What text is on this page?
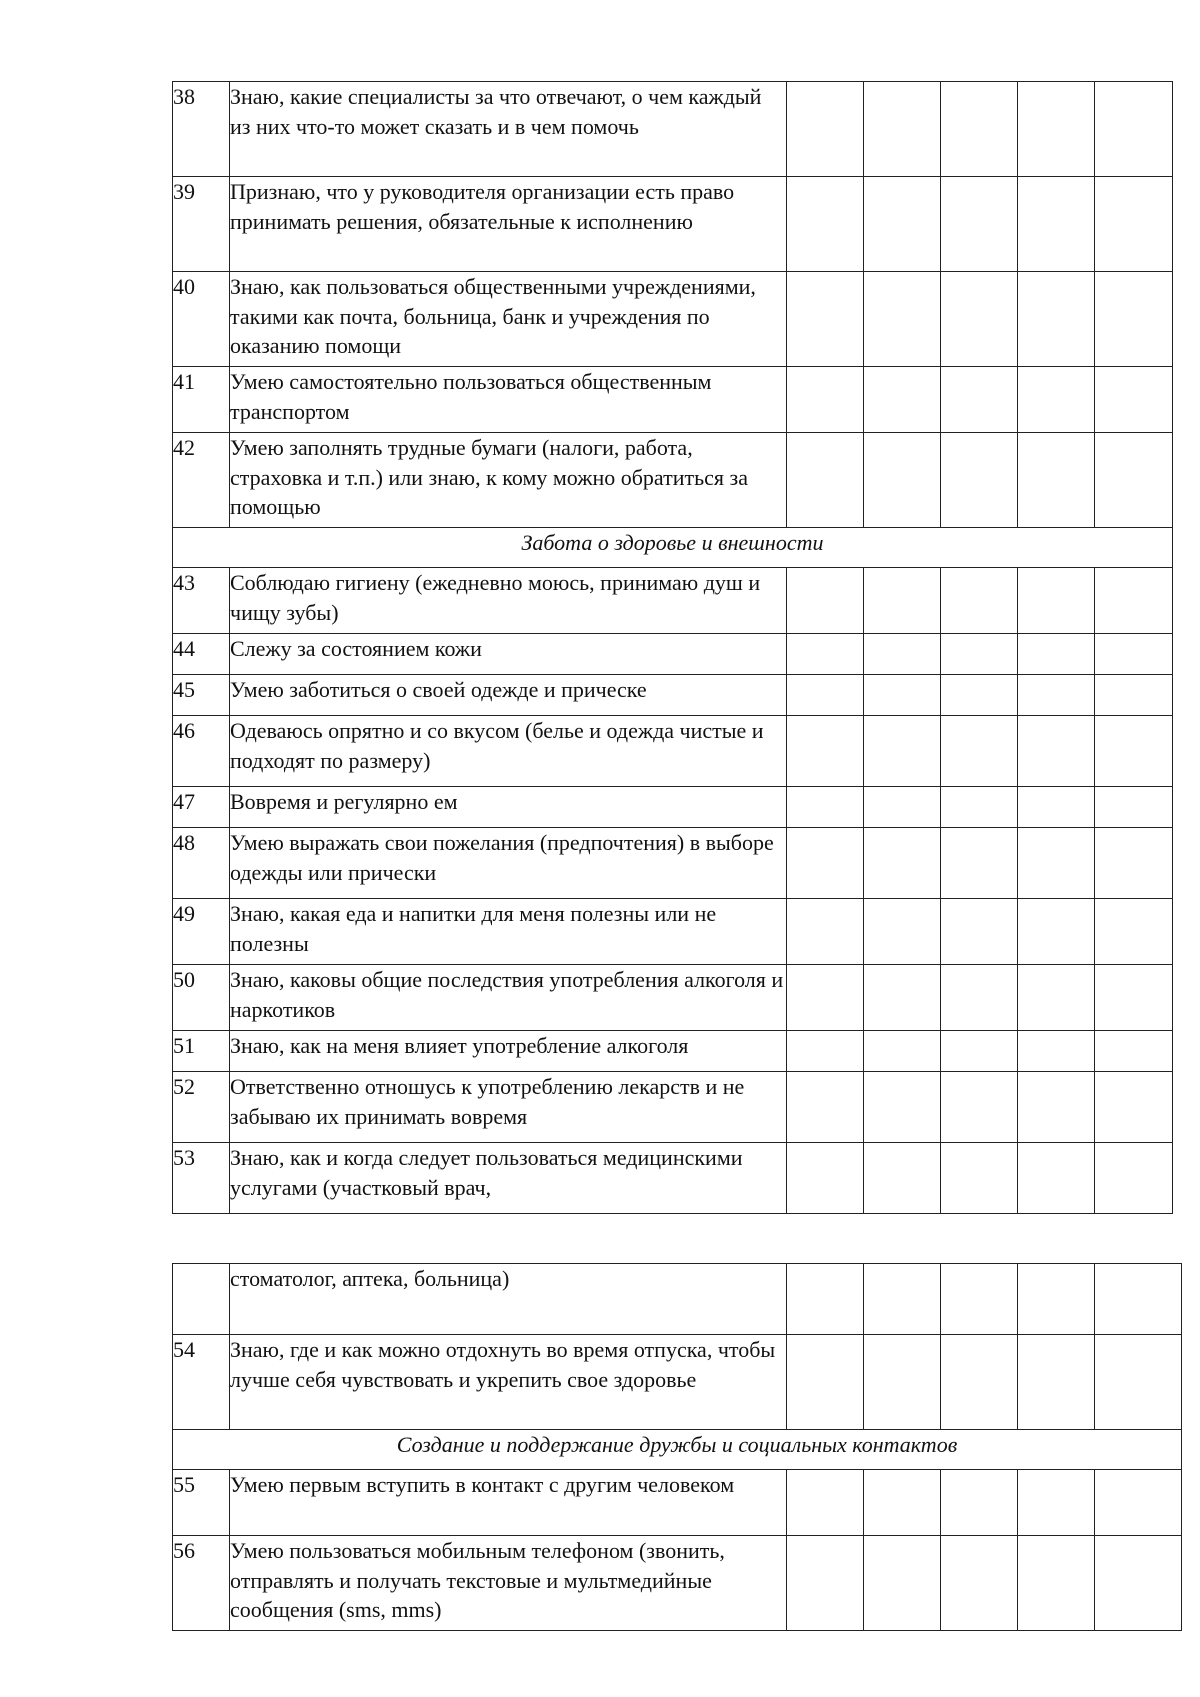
38	Знаю, какие специалисты за что отвечают, о чем каждый из них что-то может сказать и в чем помочь					
39	Признаю, что у руководителя организации есть право принимать решения, обязательные к исполнению					
40	Знаю, как пользоваться общественными учреждениями, такими как почта, больница, банк и учреждения по оказанию помощи					
41	Умею самостоятельно пользоваться общественным транспортом					
42	Умею заполнять трудные бумаги (налоги, работа, страховка и т.п.) или знаю, к кому можно обратиться за помощью					
Забота о здоровье и внешности						
43	Соблюдаю гигиену (ежедневно моюсь, принимаю душ и чищу зубы)					
44	Слежу за состоянием кожи					
45	Умею заботиться о своей одежде и прическе					
46	Одеваюсь опрятно и со вкусом (белье и одежда чистые и подходят по размеру)					
47	Вовремя и регулярно ем					
48	Умею выражать свои пожелания (предпочтения) в выборе одежды или прически					
49	Знаю, какая еда и напитки для меня полезны или не полезны					
50	Знаю, каковы общие последствия употребления алкоголя и наркотиков					
51	Знаю, как на меня влияет употребление алкоголя					
52	Ответственно отношусь к употреблению лекарств и не забываю их принимать вовремя					
53	Знаю, как и когда следует пользоваться медицинскими услугами (участковый врач,					
	стоматолог, аптека, больница)					
54	Знаю, где и как можно отдохнуть во время отпуска, чтобы лучше себя чувствовать и укрепить свое здоровье					
Создание и поддержание дружбы и социальных контактов						
55	Умею первым вступить в контакт с другим человеком					
56	Умею пользоваться мобильным телефоном (звонить, отправлять и получать текстовые и мультмедийные сообщения (sms, mms)					
